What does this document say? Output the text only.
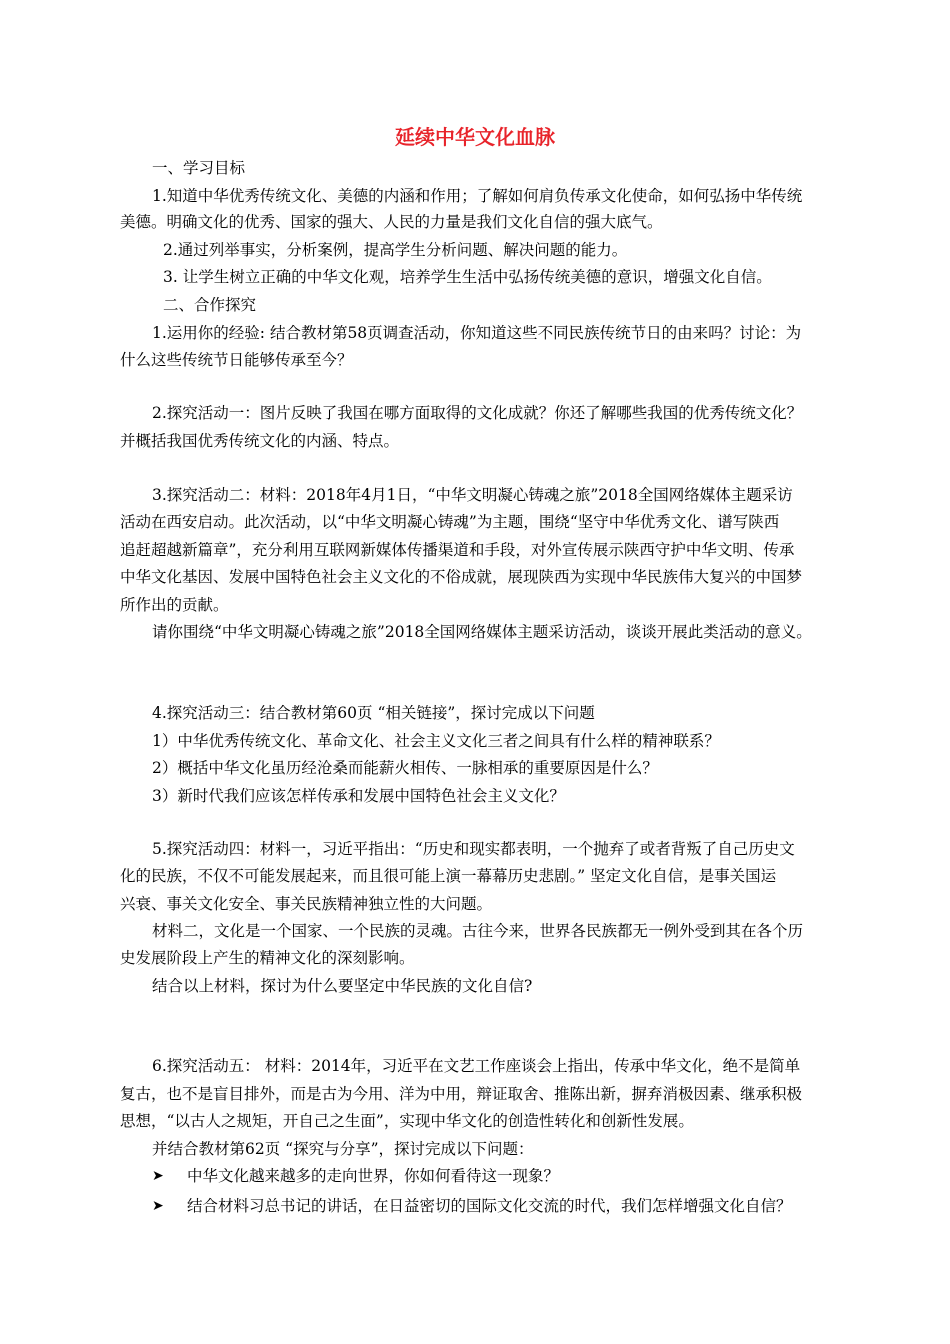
延续中华文化血脉
一、学习目标
1.知道中华优秀传统文化、美德的内涵和作用；了解如何肩负传承文化使命，如何弘扬中华传统
美德。明确文化的优秀、国家的强大、人民的力量是我们文化自信的强大底气。
2.通过列举事实，分析案例，提高学生分析问题、解决问题的能力。
3. 让学生树立正确的中华文化观，培养学生生活中弘扬传统美德的意识，增强文化自信。
二、合作探究
1.运用你的经验: 结合教材第58页调查活动，你知道这些不同民族传统节日的由来吗？讨论：为
什么这些传统节日能够传承至今？
2.探究活动一：图片反映了我国在哪方面取得的文化成就？你还了解哪些我国的优秀传统文化？
并概括我国优秀传统文化的内涵、特点。
3.探究活动二：材料：2018年4月1日，“中华文明凝心铸魂之旅”2018全国网络媒体主题采访
活动在西安启动。此次活动，以“中华文明凝心铸魂”为主题，围绕“坚守中华优秀文化、谱写陕西
追赶超越新篇章”，充分利用互联网新媒体传播渠道和手段，对外宣传展示陕西守护中华文明、传承
中华文化基因、发展中国特色社会主义文化的不俗成就，展现陕西为实现中华民族伟大复兴的中国梦
所作出的贡献。
请你围绕“中华文明凝心铸魂之旅”2018全国网络媒体主题采访活动，谈谈开展此类活动的意义。
4.探究活动三：结合教材第60页 “相关链接”，探讨完成以下问题
1）中华优秀传统文化、革命文化、社会主义文化三者之间具有什么样的精神联系？
2）概括中华文化虽历经沧桑而能薪火相传、一脉相承的重要原因是什么？
3）新时代我们应该怎样传承和发展中国特色社会主义文化？
5.探究活动四：材料一，习近平指出：“历史和现实都表明，一个抛弃了或者背叛了自己历史文
化的民族，不仅不可能发展起来，而且很可能上演一幕幕历史悲剧。” 坚定文化自信，是事关国运
兴衰、事关文化安全、事关民族精神独立性的大问题。
材料二，文化是一个国家、一个民族的灵魂。古往今来，世界各民族都无一例外受到其在各个历
史发展阶段上产生的精神文化的深刻影响。
结合以上材料，探讨为什么要坚定中华民族的文化自信?
6.探究活动五： 材料：2014年，习近平在文艺工作座谈会上指出，传承中华文化，绝不是简单
复古，也不是盲目排外，而是古为今用、洋为中用，辩证取舍、推陈出新，摒弃消极因素、继承积极
思想，“以古人之规矩，开自己之生面”，实现中华文化的创造性转化和创新性发展。
并结合教材第62页 “探究与分享”，探讨完成以下问题：
➤ 中华文化越来越多的走向世界，你如何看待这一现象？
➤ 结合材料习总书记的讲话，在日益密切的国际文化交流的时代，我们怎样增强文化自信？
